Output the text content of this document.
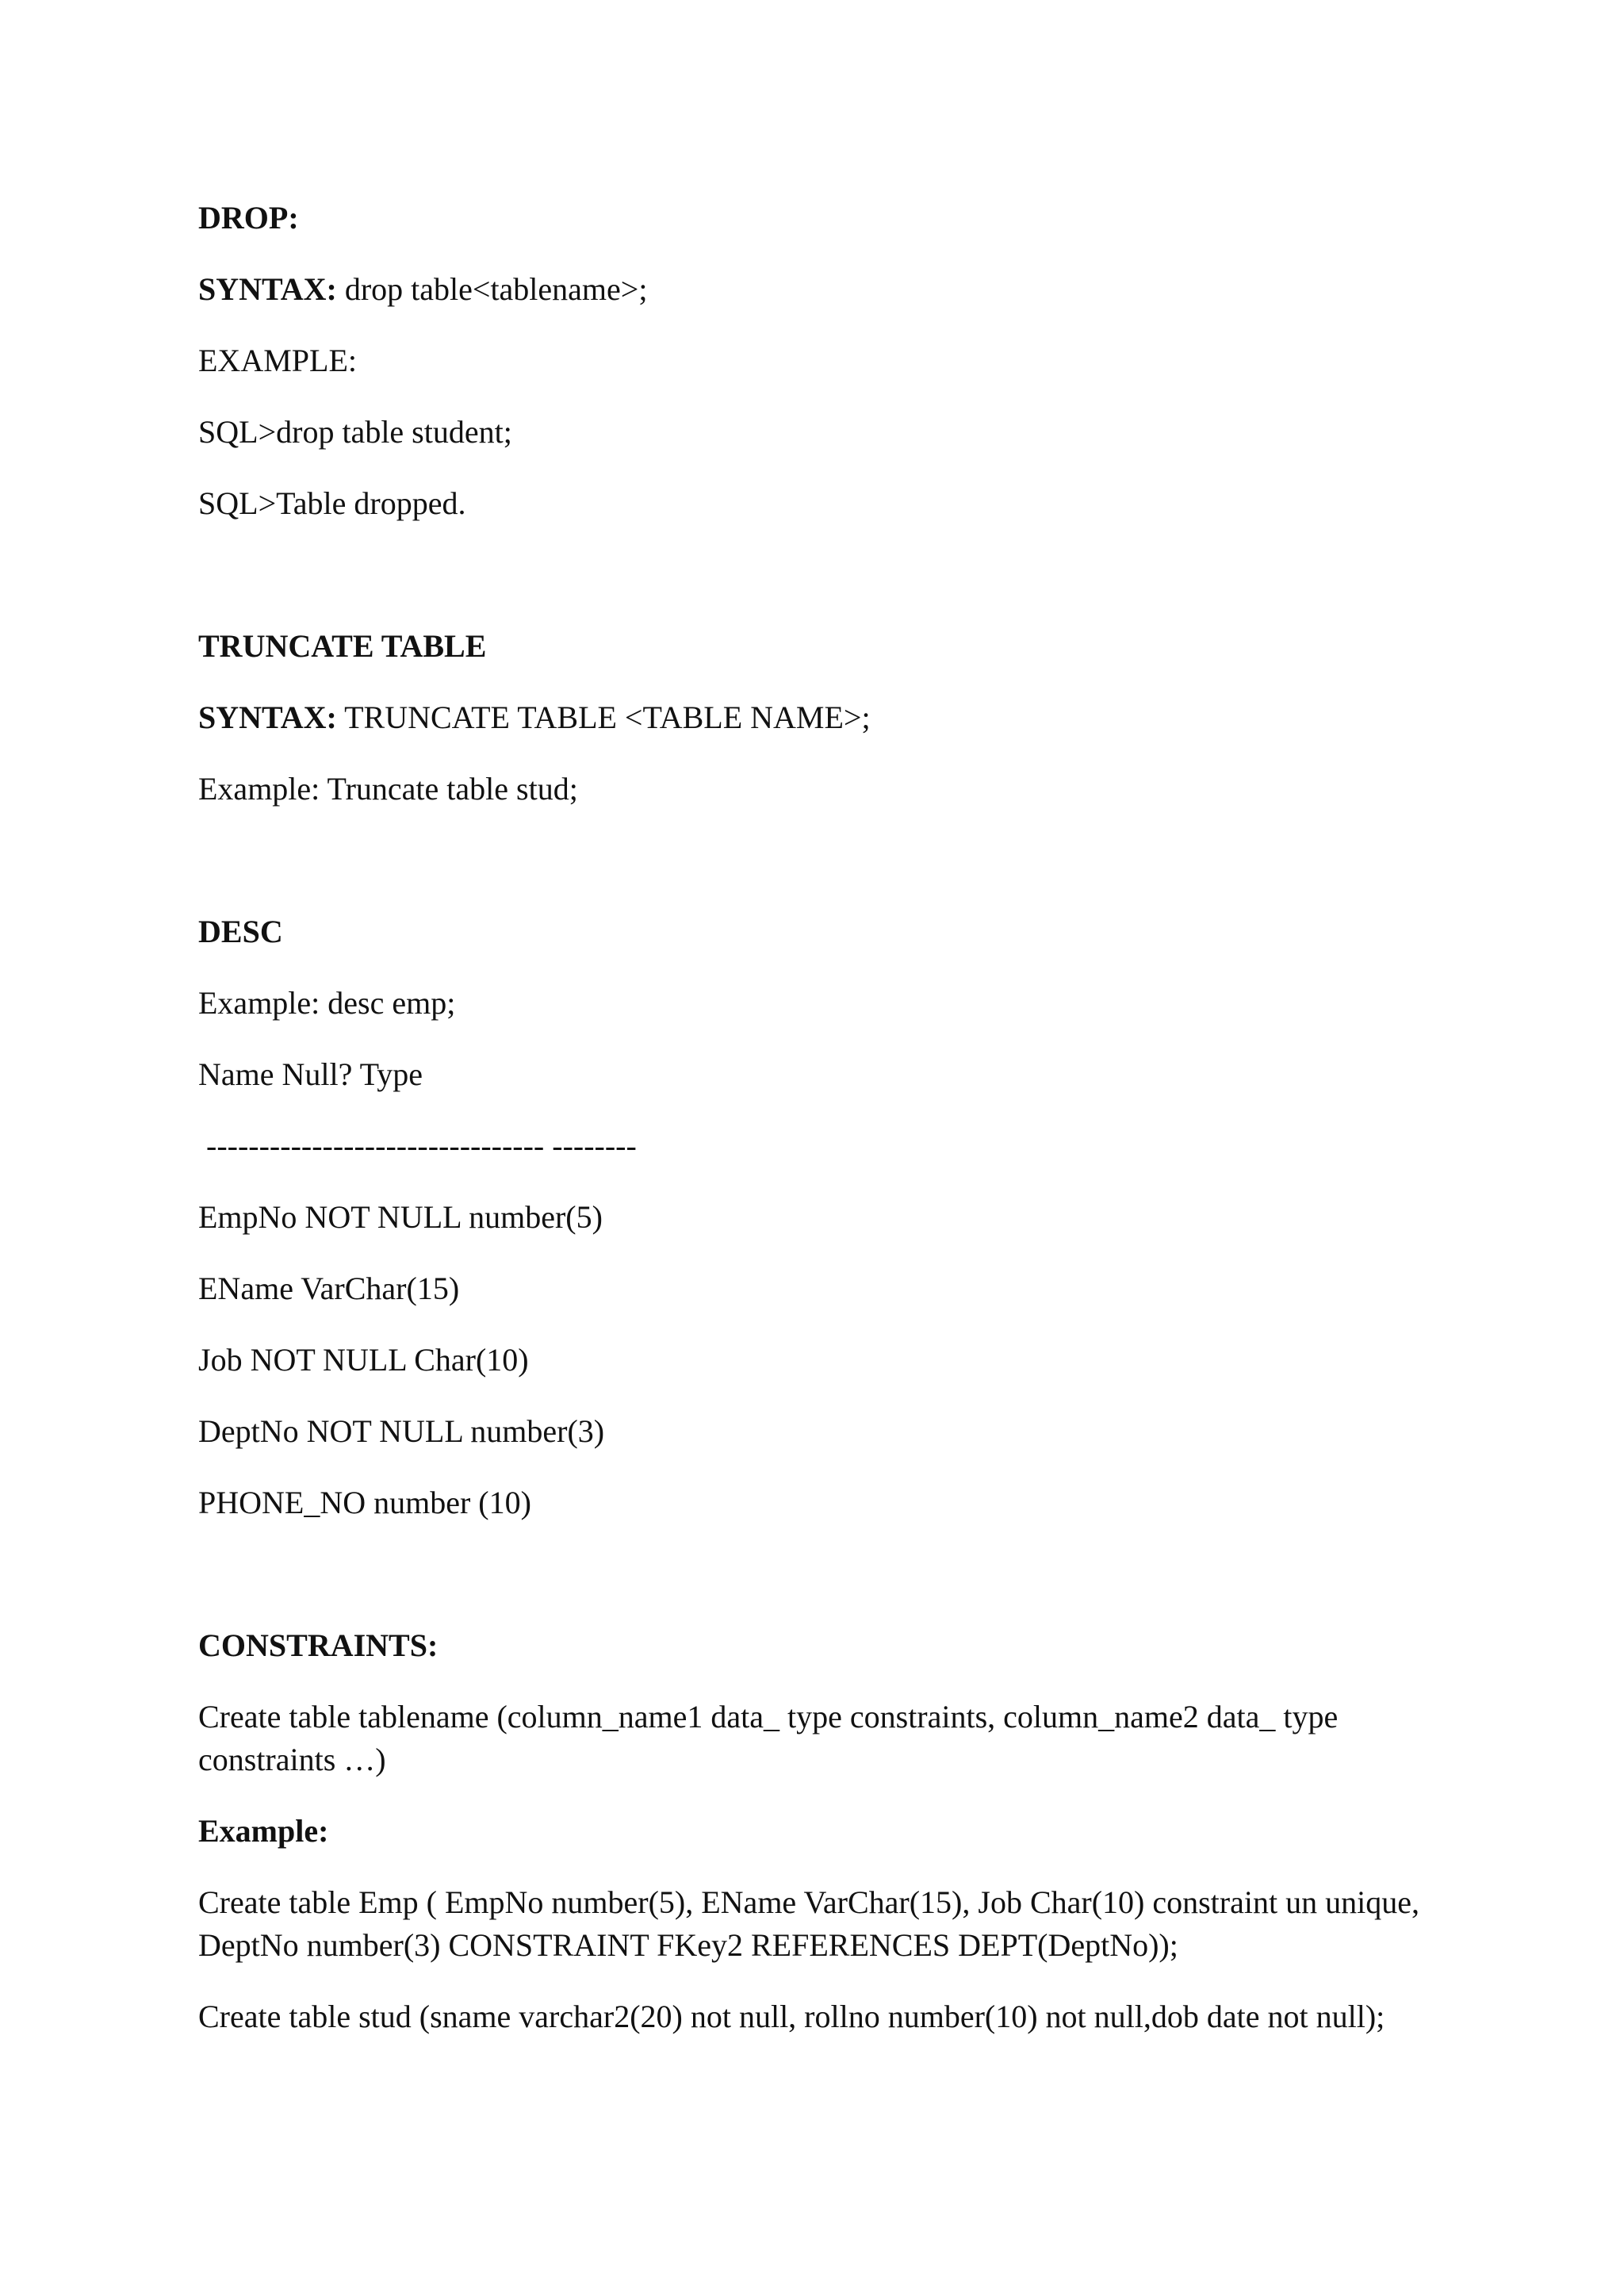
DROP:

SYNTAX: drop table<tablename>;

EXAMPLE:

SQL>drop table student;

SQL>Table dropped.

TRUNCATE TABLE

SYNTAX: TRUNCATE TABLE <TABLE NAME>;

Example: Truncate table stud;

DESC

Example: desc emp;

Name Null? Type

-------------------------------- --------

EmpNo NOT NULL number(5)

EName VarChar(15)

Job NOT NULL Char(10)

DeptNo NOT NULL number(3)

PHONE_NO number (10)

CONSTRAINTS:

Create table tablename (column_name1 data_ type constraints, column_name2 data_ type constraints …)

Example:

Create table Emp ( EmpNo number(5), EName VarChar(15), Job Char(10) constraint un unique, DeptNo number(3) CONSTRAINT FKey2 REFERENCES DEPT(DeptNo));

Create table stud (sname varchar2(20) not null, rollno number(10) not null,dob date not null);
